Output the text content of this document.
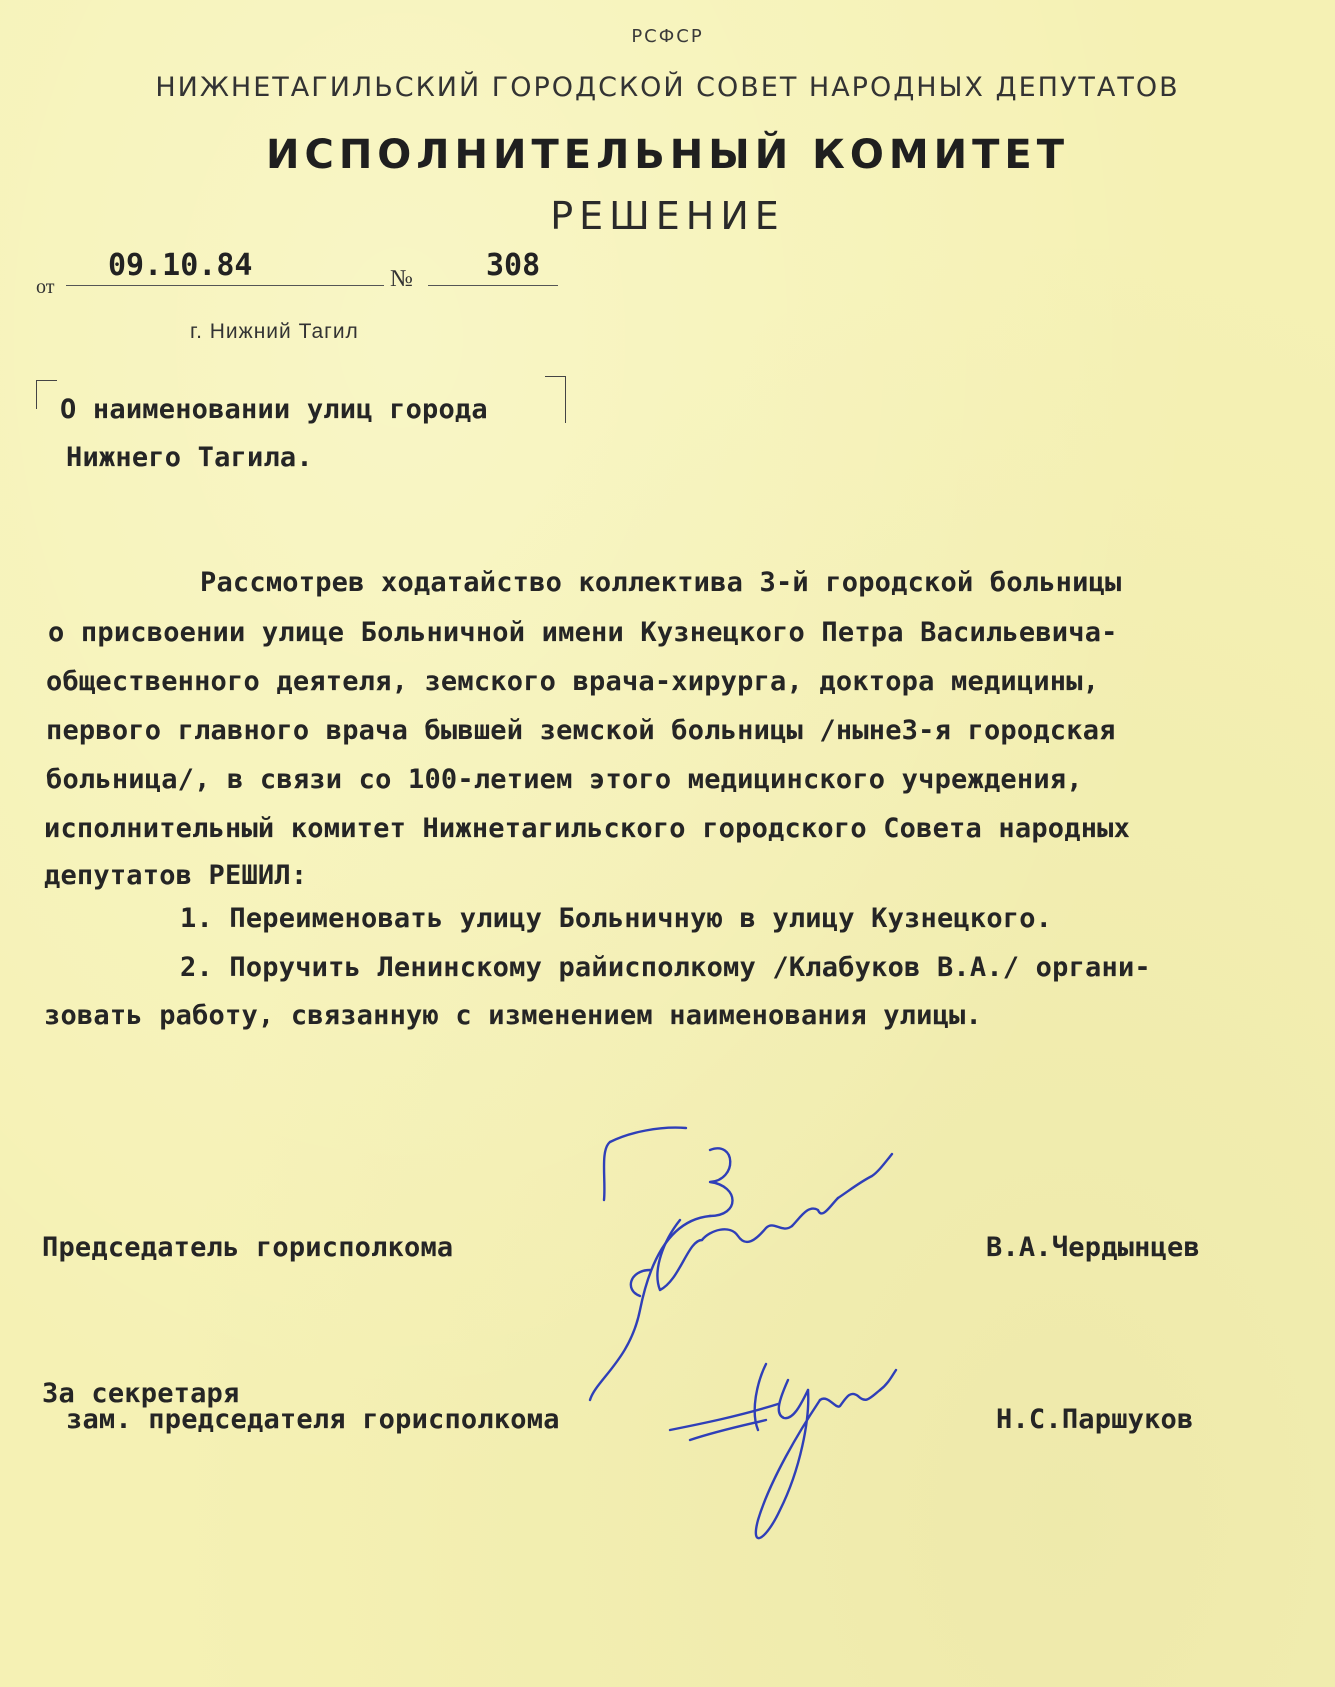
РСФСР
НИЖНЕТАГИЛЬСКИЙ ГОРОДСКОЙ СОВЕТ НАРОДНЫХ ДЕПУТАТОВ
ИСПОЛНИТЕЛЬНЫЙ КОМИТЕТ
РЕШЕНИЕ
от
09.10.84	№ 308
г. Нижний Тагил
О наименовании улиц города
Нижнего Тагила.
Рассмотрев ходатайство коллектива 3-й городской больницы
о присвоении улице Больничной имени Кузнецкого Петра Васильевича-
общественного деятеля, земского врача-хирурга, доктора медицины,
первого главного врача бывшей земской больницы /ныне3-я городская
больница/, в связи со 100-летием этого медицинского учреждения,
исполнительный комитет Нижнетагильского городского Совета народных
депутатов РЕШИЛ:
1. Переименовать улицу Больничную в улицу Кузнецкого.
2. Поручить Ленинскому райисполкому /Клабуков В.А./ органи-
зовать работу, связанную с изменением наименования улицы.
Председатель горисполкома	В.А.Чердынцев
За секретаря
зам. председателя горисполкома	Н.С.Паршуков
